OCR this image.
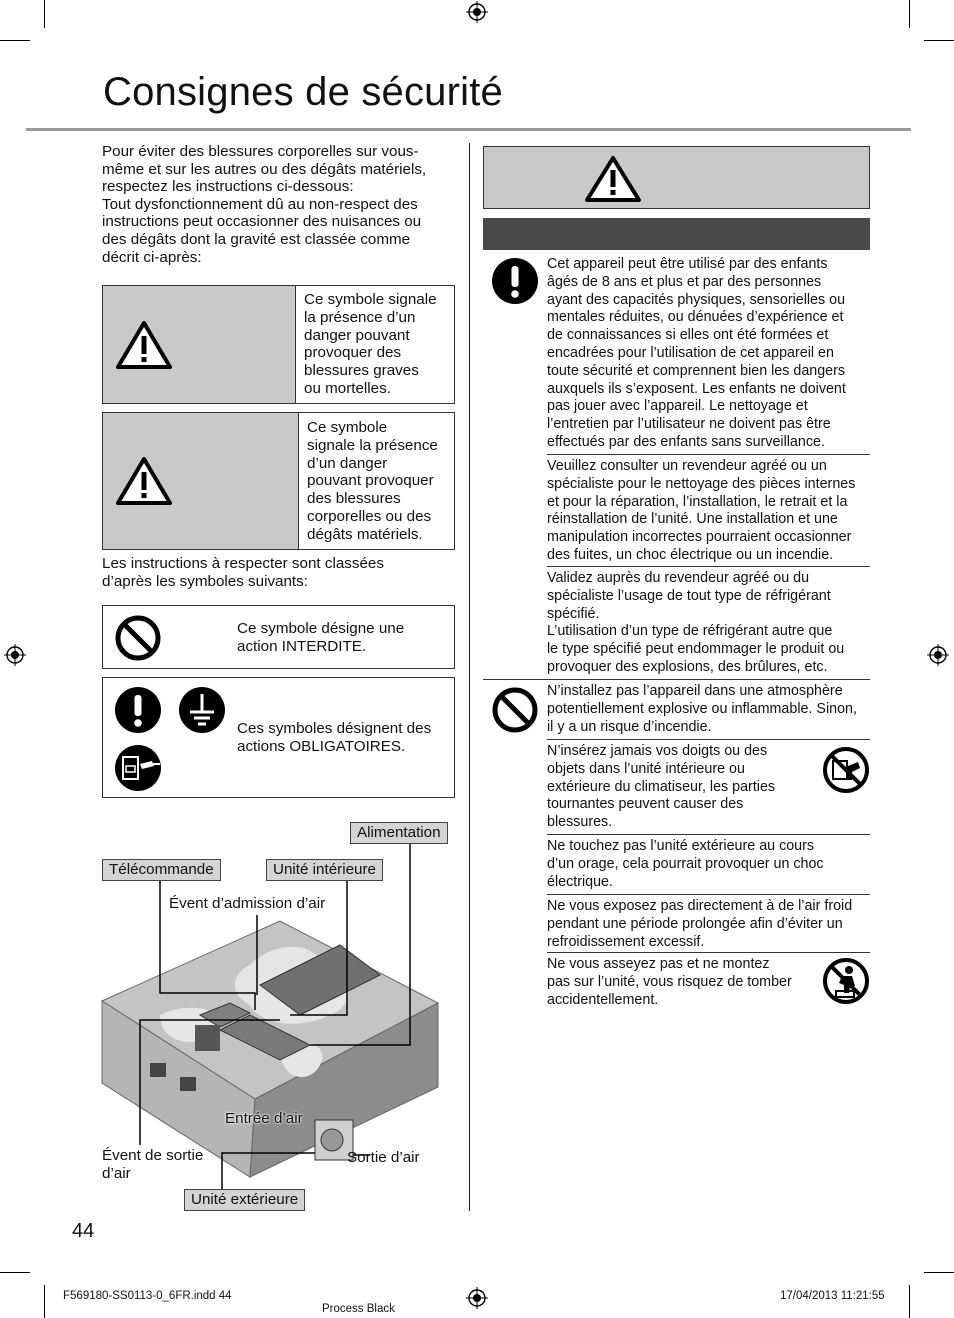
Consignes de sécurité
Pour éviter des blessures corporelles sur vous-
même et sur les autres ou des dégâts matériels,
respectez les instructions ci-dessous:
Tout dysfonctionnement dû au non-respect des
instructions peut occasionner des nuisances ou
des dégâts dont la gravité est classée comme
décrit ci-après:
Ce symbole signale
la présence d’un
danger pouvant
provoquer des
blessures graves
ou mortelles.
Ce symbole
signale la présence
d’un danger
pouvant provoquer
des blessures
corporelles ou des
dégâts matériels.
Les instructions à respecter sont classées
d’après les symboles suivants:
Ce symbole désigne une
action INTERDITE.
Ces symboles désignent des
actions OBLIGATOIRES.
Alimentation
Télécommande	Unité intérieure
Évent d’admission d’air
Entrée d’air
Évent de sortie
d’air
Sortie d’air
Unité extérieure
Cet appareil peut être utilisé par des enfants
âgés de 8 ans et plus et par des personnes
ayant des capacités physiques, sensorielles ou
mentales réduites, ou dénuées d’expérience et
de connaissances si elles ont été formées et
encadrées pour l’utilisation de cet appareil en
toute sécurité et comprennent bien les dangers
auxquels ils s’exposent. Les enfants ne doivent
pas jouer avec l’appareil. Le nettoyage et
l’entretien par l’utilisateur ne doivent pas être
effectués par des enfants sans surveillance.
Veuillez consulter un revendeur agréé ou un
spécialiste pour le nettoyage des pièces internes
et pour la réparation, l’installation, le retrait et la
réinstallation de l’unité. Une installation et une
manipulation incorrectes pourraient occasionner
des fuites, un choc électrique ou un incendie.
Validez auprès du revendeur agréé ou du
spécialiste l’usage de tout type de réfrigérant
spécifié.
L’utilisation d’un type de réfrigérant autre que
le type spécifié peut endommager le produit ou
provoquer des explosions, des brûlures, etc.
N’installez pas l’appareil dans une atmosphère
potentiellement explosive ou inflammable. Sinon,
il y a un risque d’incendie.
N’insérez jamais vos doigts ou des
objets dans l’unité intérieure ou
extérieure du climatiseur, les parties
tournantes peuvent causer des
blessures.
Ne touchez pas l’unité extérieure au cours
d’un orage, cela pourrait provoquer un choc
électrique.
Ne vous exposez pas directement à de l’air froid
pendant une période prolongée afin d’éviter un
refroidissement excessif.
Ne vous asseyez pas et ne montez
pas sur l’unité, vous risquez de tomber
accidentellement.
44
F569180-SS0113-0_6FR.indd 44
Process Black
17/04/2013 11:21:55
